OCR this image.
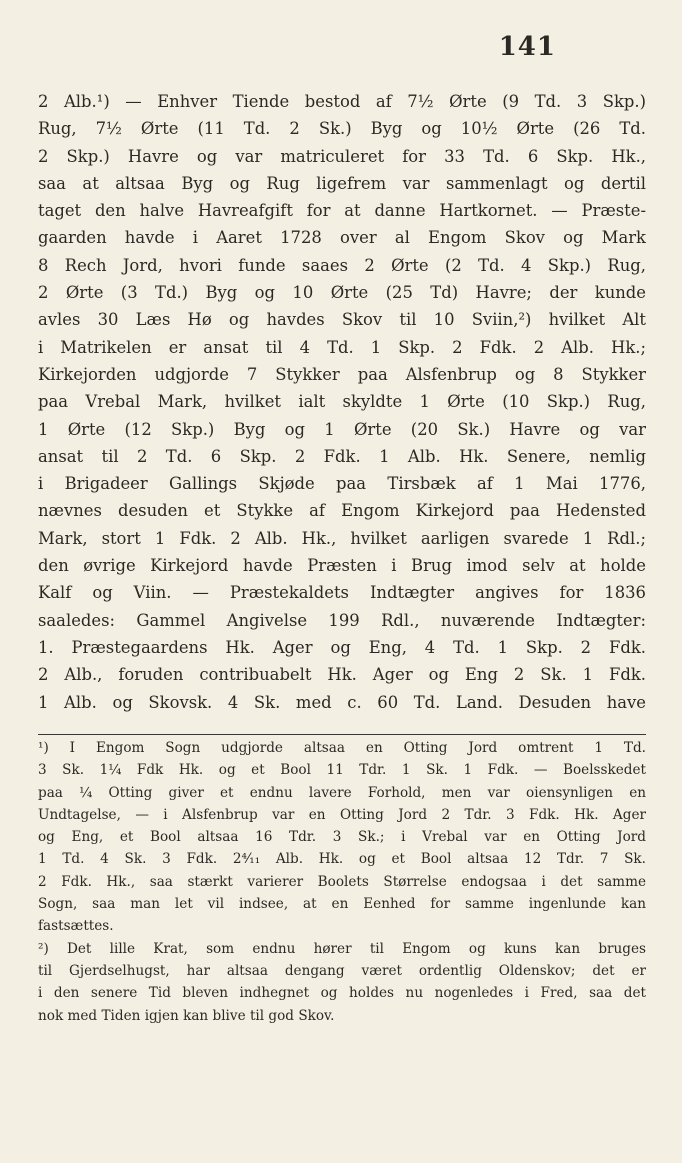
141
2 Alb.¹) — Enhver Tiende bestod af 7½ Ørte (9 Td. 3 Skp.)
Rug, 7½ Ørte (11 Td. 2 Sk.) Byg og 10½ Ørte (26 Td.
2 Skp.) Havre og var matriculeret for 33 Td. 6 Skp. Hk.,
saa at altsaa Byg og Rug ligefrem var sammenlagt og dertil
taget den halve Havreafgift for at danne Hartkornet. — Præste-
gaarden havde i Aaret 1728 over al Engom Skov og Mark
8 Rech Jord, hvori funde saaes 2 Ørte (2 Td. 4 Skp.) Rug,
2 Ørte (3 Td.) Byg og 10 Ørte (25 Td) Havre; der kunde
avles 30 Læs Hø og havdes Skov til 10 Sviin,²) hvilket Alt
i Matrikelen er ansat til 4 Td. 1 Skp. 2 Fdk. 2 Alb. Hk.;
Kirkejorden udgjorde 7 Stykker paa Alsfenbrup og 8 Stykker
paa Vrebal Mark, hvilket ialt skyldte 1 Ørte (10 Skp.) Rug,
1 Ørte (12 Skp.) Byg og 1 Ørte (20 Sk.) Havre og var
ansat til 2 Td. 6 Skp. 2 Fdk. 1 Alb. Hk. Senere, nemlig
i Brigadeer Gallings Skjøde paa Tirsbæk af 1 Mai 1776,
nævnes desuden et Stykke af Engom Kirkejord paa Hedensted
Mark, stort 1 Fdk. 2 Alb. Hk., hvilket aarligen svarede 1 Rdl.;
den øvrige Kirkejord havde Præsten i Brug imod selv at holde
Kalf og Viin. — Præstekaldets Indtægter angives for 1836
saaledes: Gammel Angivelse 199 Rdl., nuværende Indtægter:
1. Præstegaardens Hk. Ager og Eng, 4 Td. 1 Skp. 2 Fdk.
2 Alb., foruden contribuabelt Hk. Ager og Eng 2 Sk. 1 Fdk.
1 Alb. og Skovsk. 4 Sk. med c. 60 Td. Land. Desuden have
¹) I Engom Sogn udgjorde altsaa en Otting Jord omtrent 1 Td.
3 Sk. 1¼ Fdk Hk. og et Bool 11 Tdr. 1 Sk. 1 Fdk. — Boelsskedet
paa ¼ Otting giver et endnu lavere Forhold, men var oiensynligen en
Undtagelse, — i Alsfenbrup var en Otting Jord 2 Tdr. 3 Fdk. Hk. Ager
og Eng, et Bool altsaa 16 Tdr. 3 Sk.; i Vrebal var en Otting Jord
1 Td. 4 Sk. 3 Fdk. 2⁴⁄₁₁ Alb. Hk. og et Bool altsaa 12 Tdr. 7 Sk.
2 Fdk. Hk., saa stærkt varierer Boolets Størrelse endogsaa i det samme
Sogn, saa man let vil indsee, at en Eenhed for samme ingenlunde kan
fastsættes.
²) Det lille Krat, som endnu hører til Engom og kuns kan bruges
til Gjerdselhugst, har altsaa dengang været ordentlig Oldenskov; det er
i den senere Tid bleven indhegnet og holdes nu nogenledes i Fred, saa det
nok med Tiden igjen kan blive til god Skov.
